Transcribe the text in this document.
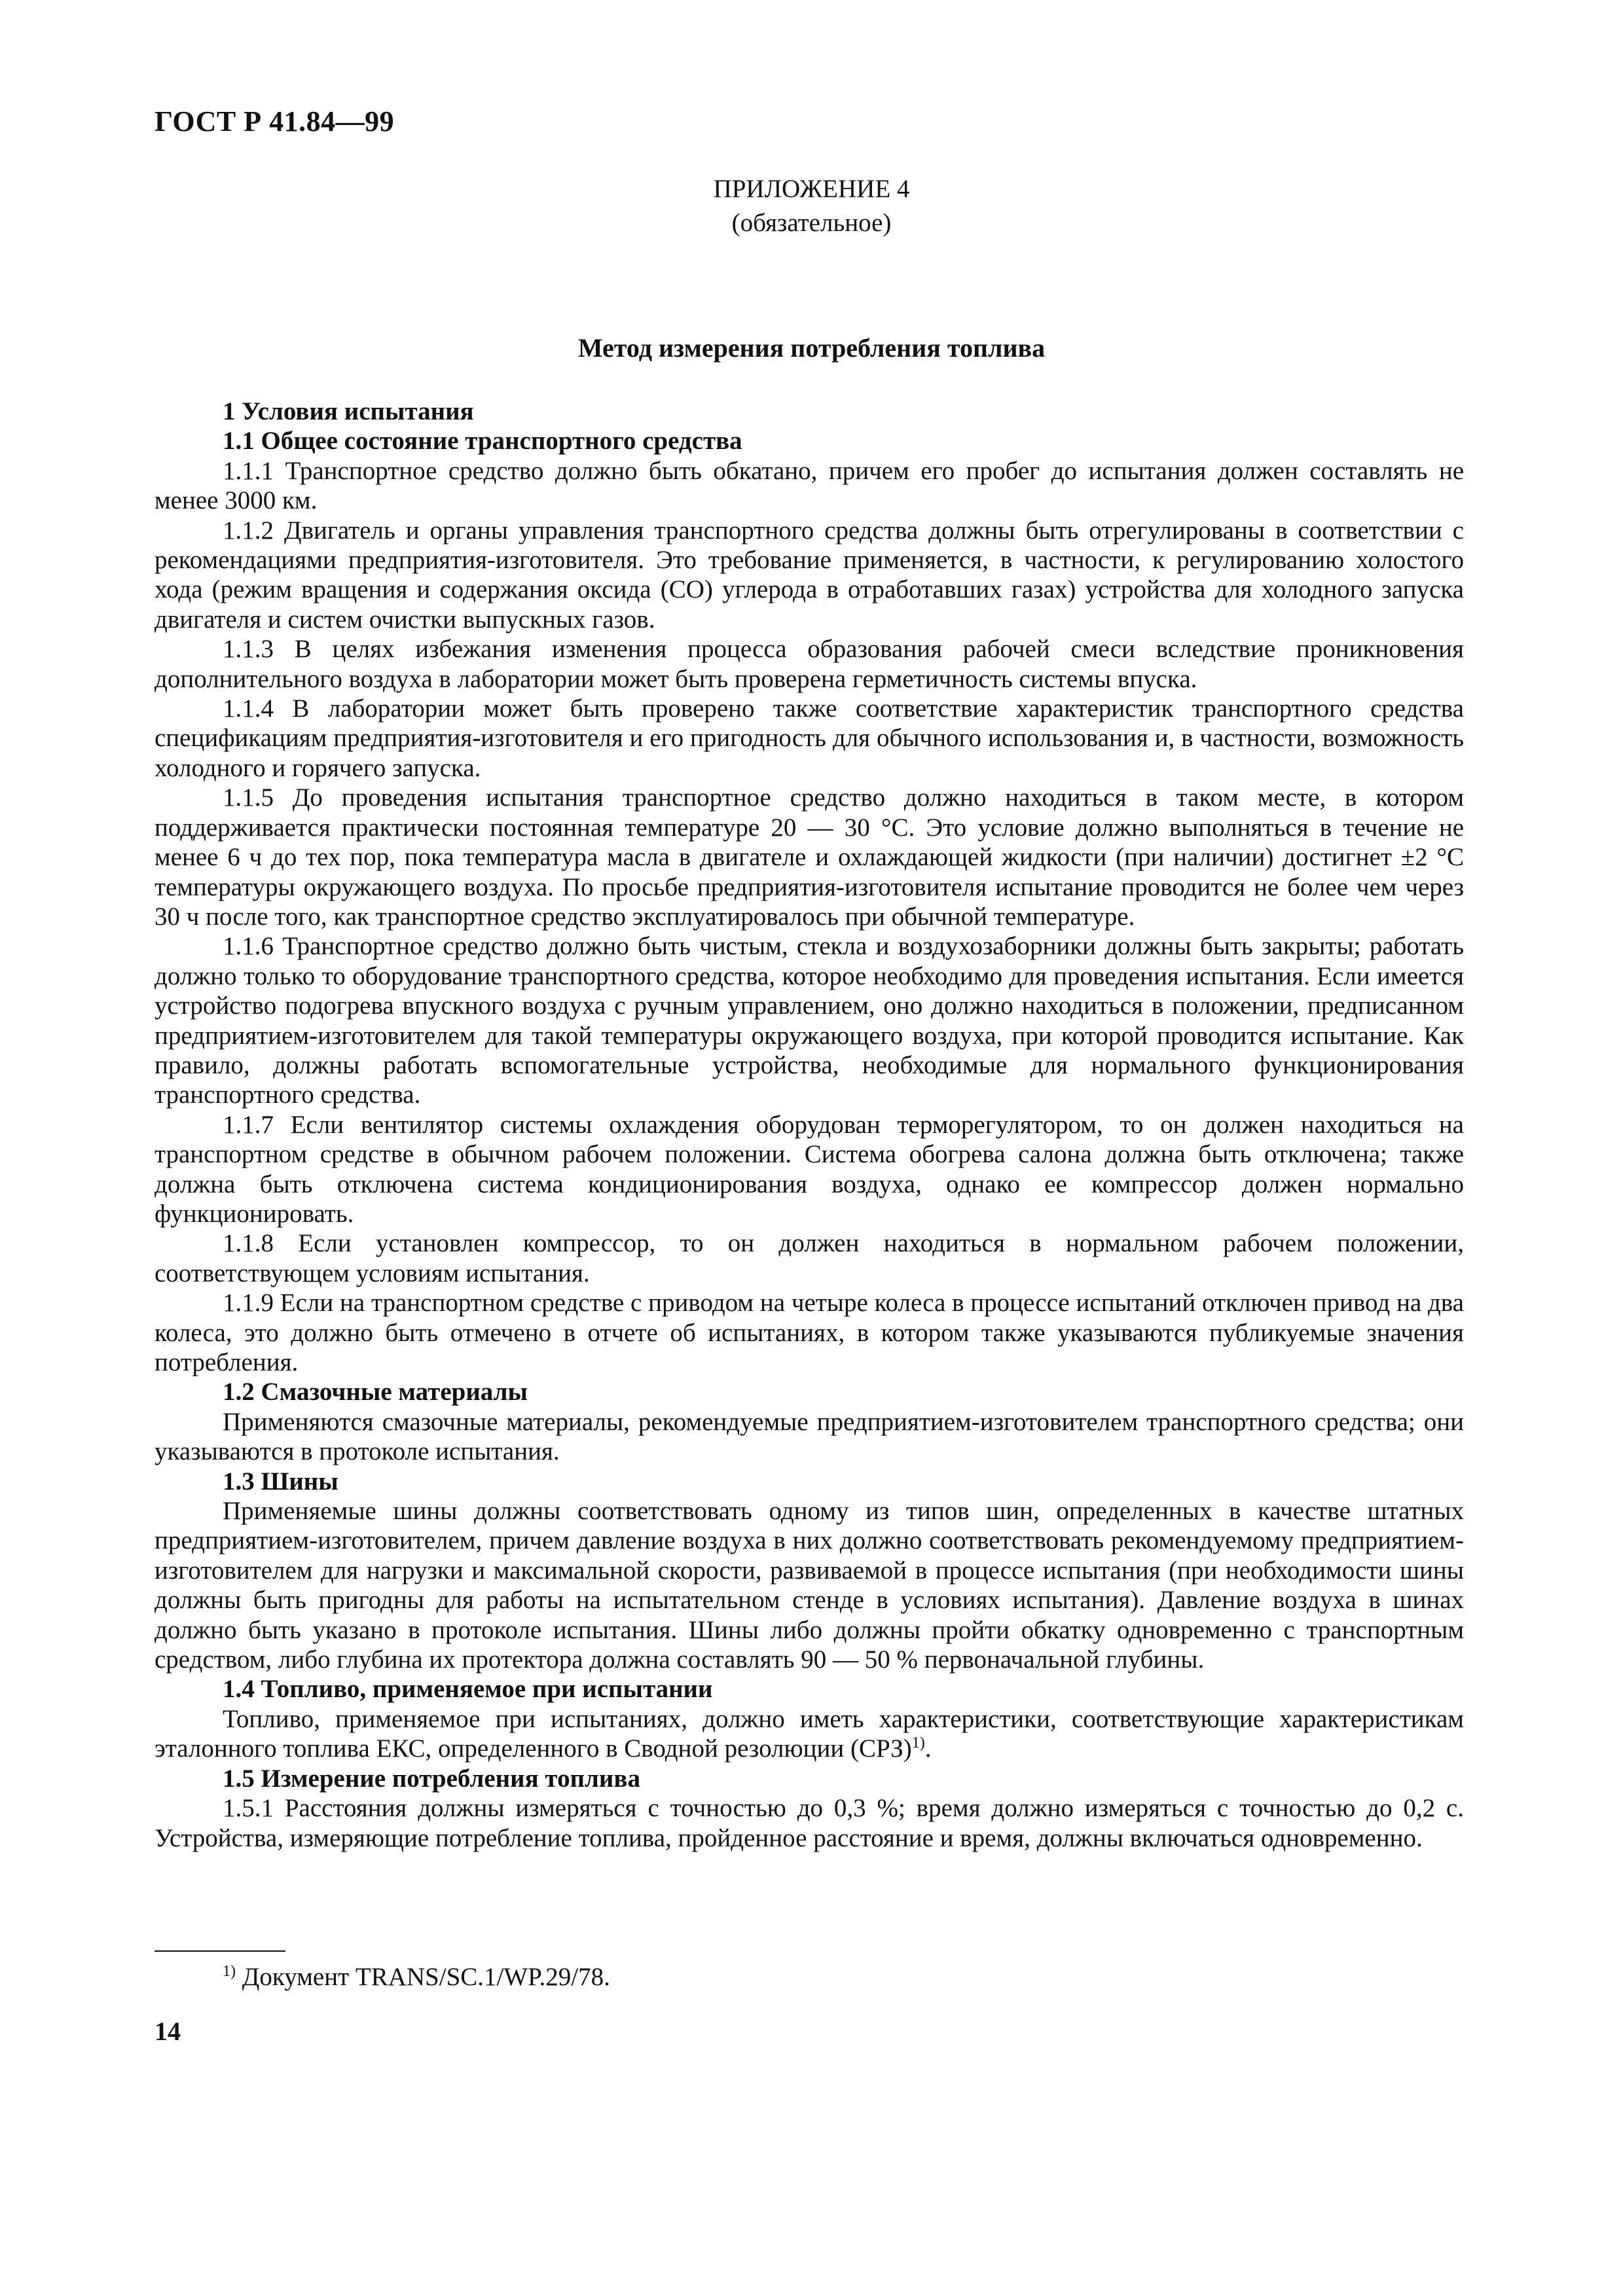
ГОСТ Р 41.84—99
ПРИЛОЖЕНИЕ 4
(обязательное)
Метод измерения потребления топлива

1 Условия испытания

1.1 Общее состояние транспортного средства

1.1.1 Транспортное средство должно быть обкатано, причем его пробег до испытания должен составлять не менее 3000 км.

1.1.2 Двигатель и органы управления транспортного средства должны быть отрегулированы в соответствии с рекомендациями предприятия-изготовителя. Это требование применяется, в частности, к регулированию холостого хода (режим вращения и содержания оксида (СО) углерода в отработавших газах) устройства для холодного запуска двигателя и систем очистки выпускных газов.

1.1.3 В целях избежания изменения процесса образования рабочей смеси вследствие проникновения дополнительного воздуха в лаборатории может быть проверена герметичность системы впуска.

1.1.4 В лаборатории может быть проверено также соответствие характеристик транспортного средства спецификациям предприятия-изготовителя и его пригодность для обычного использования и, в частности, возможность холодного и горячего запуска.

1.1.5 До проведения испытания транспортное средство должно находиться в таком месте, в котором поддерживается практически постоянная температуре 20 — 30 °C. Это условие должно выполняться в течение не менее 6 ч до тех пор, пока температура масла в двигателе и охлаждающей жидкости (при наличии) достигнет ±2 °C температуры окружающего воздуха. По просьбе предприятия-изготовителя испытание проводится не более чем через 30 ч после того, как транспортное средство эксплуатировалось при обычной температуре.

1.1.6 Транспортное средство должно быть чистым, стекла и воздухозаборники должны быть закрыты; работать должно только то оборудование транспортного средства, которое необходимо для проведения испытания. Если имеется устройство подогрева впускного воздуха с ручным управлением, оно должно находиться в положении, предписанном предприятием-изготовителем для такой температуры окружающего воздуха, при которой проводится испытание. Как правило, должны работать вспомогательные устройства, необходимые для нормального функционирования транспортного средства.

1.1.7 Если вентилятор системы охлаждения оборудован терморегулятором, то он должен находиться на транспортном средстве в обычном рабочем положении. Система обогрева салона должна быть отключена; также должна быть отключена система кондиционирования воздуха, однако ее компрессор должен нормально функционировать.

1.1.8 Если установлен компрессор, то он должен находиться в нормальном рабочем положении, соответствующем условиям испытания.

1.1.9 Если на транспортном средстве с приводом на четыре колеса в процессе испытаний отключен привод на два колеса, это должно быть отмечено в отчете об испытаниях, в котором также указываются публикуемые значения потребления.

1.2 Смазочные материалы

Применяются смазочные материалы, рекомендуемые предприятием-изготовителем транспортного средства; они указываются в протоколе испытания.

1.3 Шины

Применяемые шины должны соответствовать одному из типов шин, определенных в качестве штатных предприятием-изготовителем, причем давление воздуха в них должно соответствовать рекомендуемому предприятием-изготовителем для нагрузки и максимальной скорости, развиваемой в процессе испытания (при необходимости шины должны быть пригодны для работы на испытательном стенде в условиях испытания). Давление воздуха в шинах должно быть указано в протоколе испытания. Шины либо должны пройти обкатку одновременно с транспортным средством, либо глубина их протектора должна составлять 90 — 50 % первоначальной глубины.

1.4 Топливо, применяемое при испытании

Топливо, применяемое при испытаниях, должно иметь характеристики, соответствующие характеристикам эталонного топлива ЕКС, определенного в Сводной резолюции (СРЗ)$^{1)}$.

1.5 Измерение потребления топлива

1.5.1 Расстояния должны измеряться с точностью до 0,3 %; время должно измеряться с точностью до 0,2 с. Устройства, измеряющие потребление топлива, пройденное расстояние и время, должны включаться одновременно.

$^{1)}$ Документ TRANS/SC.1/WP.29/78.
14
